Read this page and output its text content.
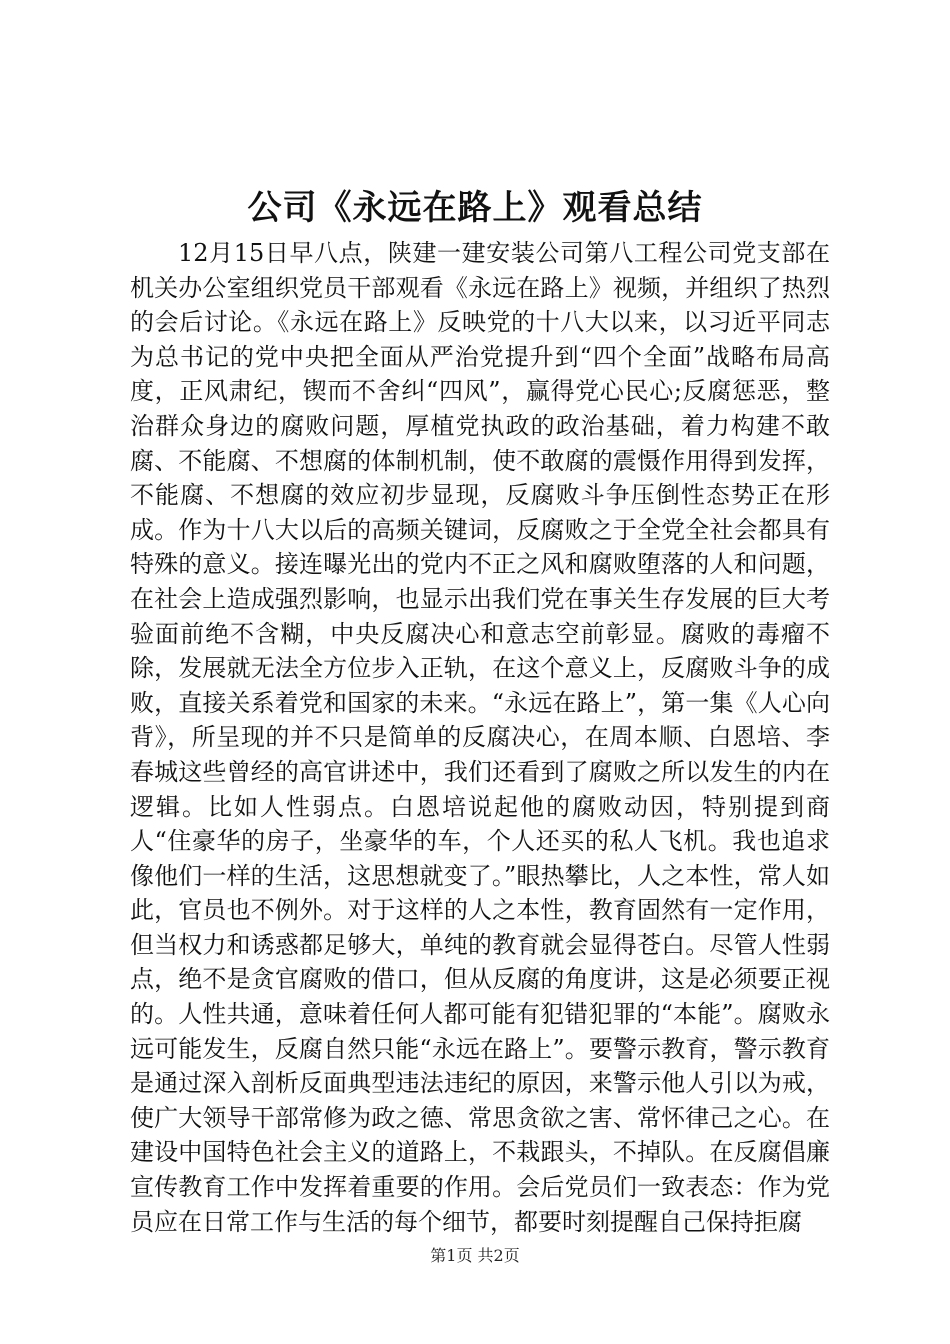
公司《永远在路上》观看总结

12月15日早八点，陕建一建安装公司第八工程公司党支部在机关办公室组织党员干部观看《永远在路上》视频，并组织了热烈的会后讨论。《永远在路上》反映党的十八大以来，以习近平同志为总书记的党中央把全面从严治党提升到“四个全面”战略布局高度，正风肃纪，锲而不舍纠“四风”，赢得党心民心;反腐惩恶，整治群众身边的腐败问题，厚植党执政的政治基础，着力构建不敢腐、不能腐、不想腐的体制机制，使不敢腐的震慑作用得到发挥，不能腐、不想腐的效应初步显现，反腐败斗争压倒性态势正在形成。作为十八大以后的高频关键词，反腐败之于全党全社会都具有特殊的意义。接连曝光出的党内不正之风和腐败堕落的人和问题，在社会上造成强烈影响，也显示出我们党在事关生存发展的巨大考验面前绝不含糊，中央反腐决心和意志空前彰显。腐败的毒瘤不除，发展就无法全方位步入正轨，在这个意义上，反腐败斗争的成败，直接关系着党和国家的未来。“永远在路上”，第一集《人心向背》，所呈现的并不只是简单的反腐决心，在周本顺、白恩培、李春城这些曾经的高官讲述中，我们还看到了腐败之所以发生的内在逻辑。比如人性弱点。白恩培说起他的腐败动因，特别提到商人“住豪华的房子，坐豪华的车，个人还买的私人飞机。我也追求像他们一样的生活，这思想就变了。”眼热攀比，人之本性，常人如此，官员也不例外。对于这样的人之本性，教育固然有一定作用，但当权力和诱惑都足够大，单纯的教育就会显得苍白。尽管人性弱点，绝不是贪官腐败的借口，但从反腐的角度讲，这是必须要正视的。人性共通，意味着任何人都可能有犯错犯罪的“本能”。腐败永远可能发生，反腐自然只能“永远在路上”。要警示教育，警示教育是通过深入剖析反面典型违法违纪的原因，来警示他人引以为戒，使广大领导干部常修为政之德、常思贪欲之害、常怀律己之心。在建设中国特色社会主义的道路上，不栽跟头，不掉队。在反腐倡廉宣传教育工作中发挥着重要的作用。会后党员们一致表态：作为党员应在日常工作与生活的每个细节，都要时刻提醒自己保持拒腐

第1页 共2页
